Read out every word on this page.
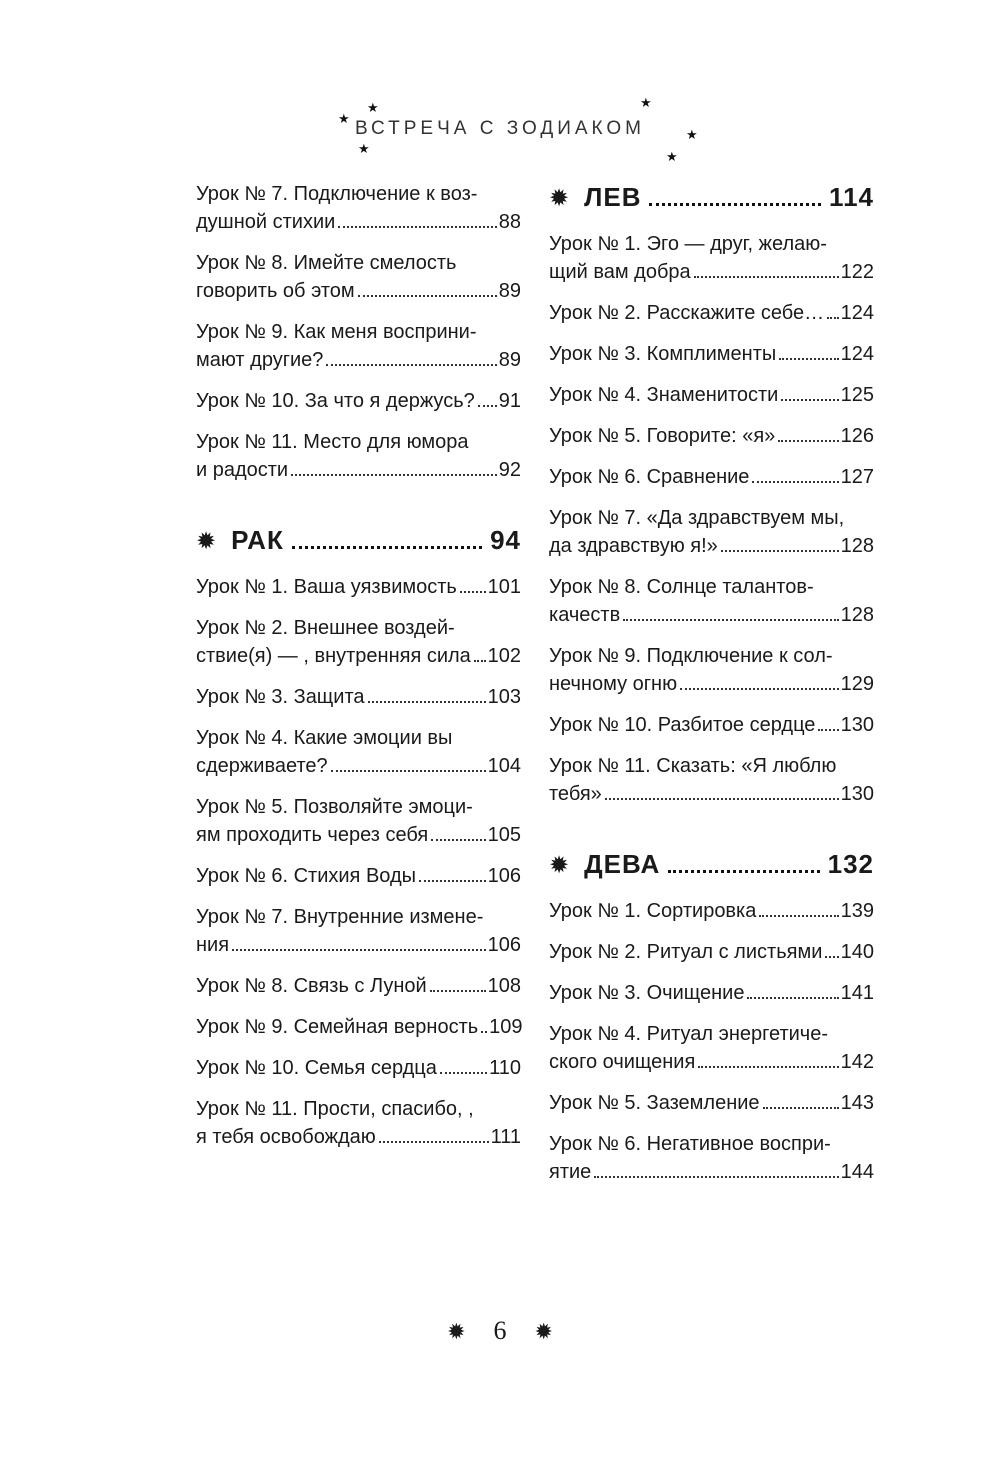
★
★
★
★
★
★
ВСТРЕЧА С ЗОДИАКОМ
Урок № 7. Подключение к воз-
душной стихии	88
Урок № 8. Имейте смелость
говорить об этом	89
Урок № 9. Как меня восприни-
мают другие?	89
Урок № 10. За что я держусь? 91
Урок № 11. Место для юмора
и радости	92
✹ РАК	94
Урок № 1. Ваша уязвимость 101
Урок № 2. Внешнее воздей-
ствие(я) — , внутренняя сила 102
Урок № 3. Защита	103
Урок № 4. Какие эмоции вы
сдерживаете?	104
Урок № 5. Позволяйте эмоци-
ям проходить через себя	105
Урок № 6. Стихия Воды	106
Урок № 7. Внутренние измене-
ния	106
Урок № 8. Связь с Луной	108
Урок № 9. Семейная верность 109
Урок № 10. Семья сердца	110
Урок № 11. Прости, спасибо, ,
я тебя освобождаю	111
✹ ЛЕВ	114
Урок № 1. Эго — друг, желаю-
щий вам добра	122
Урок № 2. Расскажите себе… 124
Урок № 3. Комплименты	124
Урок № 4. Знаменитости	125
Урок № 5. Говорите: «я»	126
Урок № 6. Сравнение	127
Урок № 7. «Да здравствуем мы,
да здравствую я!»	128
Урок № 8. Солнце талантов-
качеств	128
Урок № 9. Подключение к сол-
нечному огню	129
Урок № 10. Разбитое сердце 130
Урок № 11. Сказать: «Я люблю
тебя»	130
✹ ДЕВА	132
Урок № 1. Сортировка	139
Урок № 2. Ритуал с листьями 140
Урок № 3. Очищение	141
Урок № 4. Ритуал энергетиче-
ского очищения	142
Урок № 5. Заземление	143
Урок № 6. Негативное воспри-
ятие	144
✹ 6 ✹
